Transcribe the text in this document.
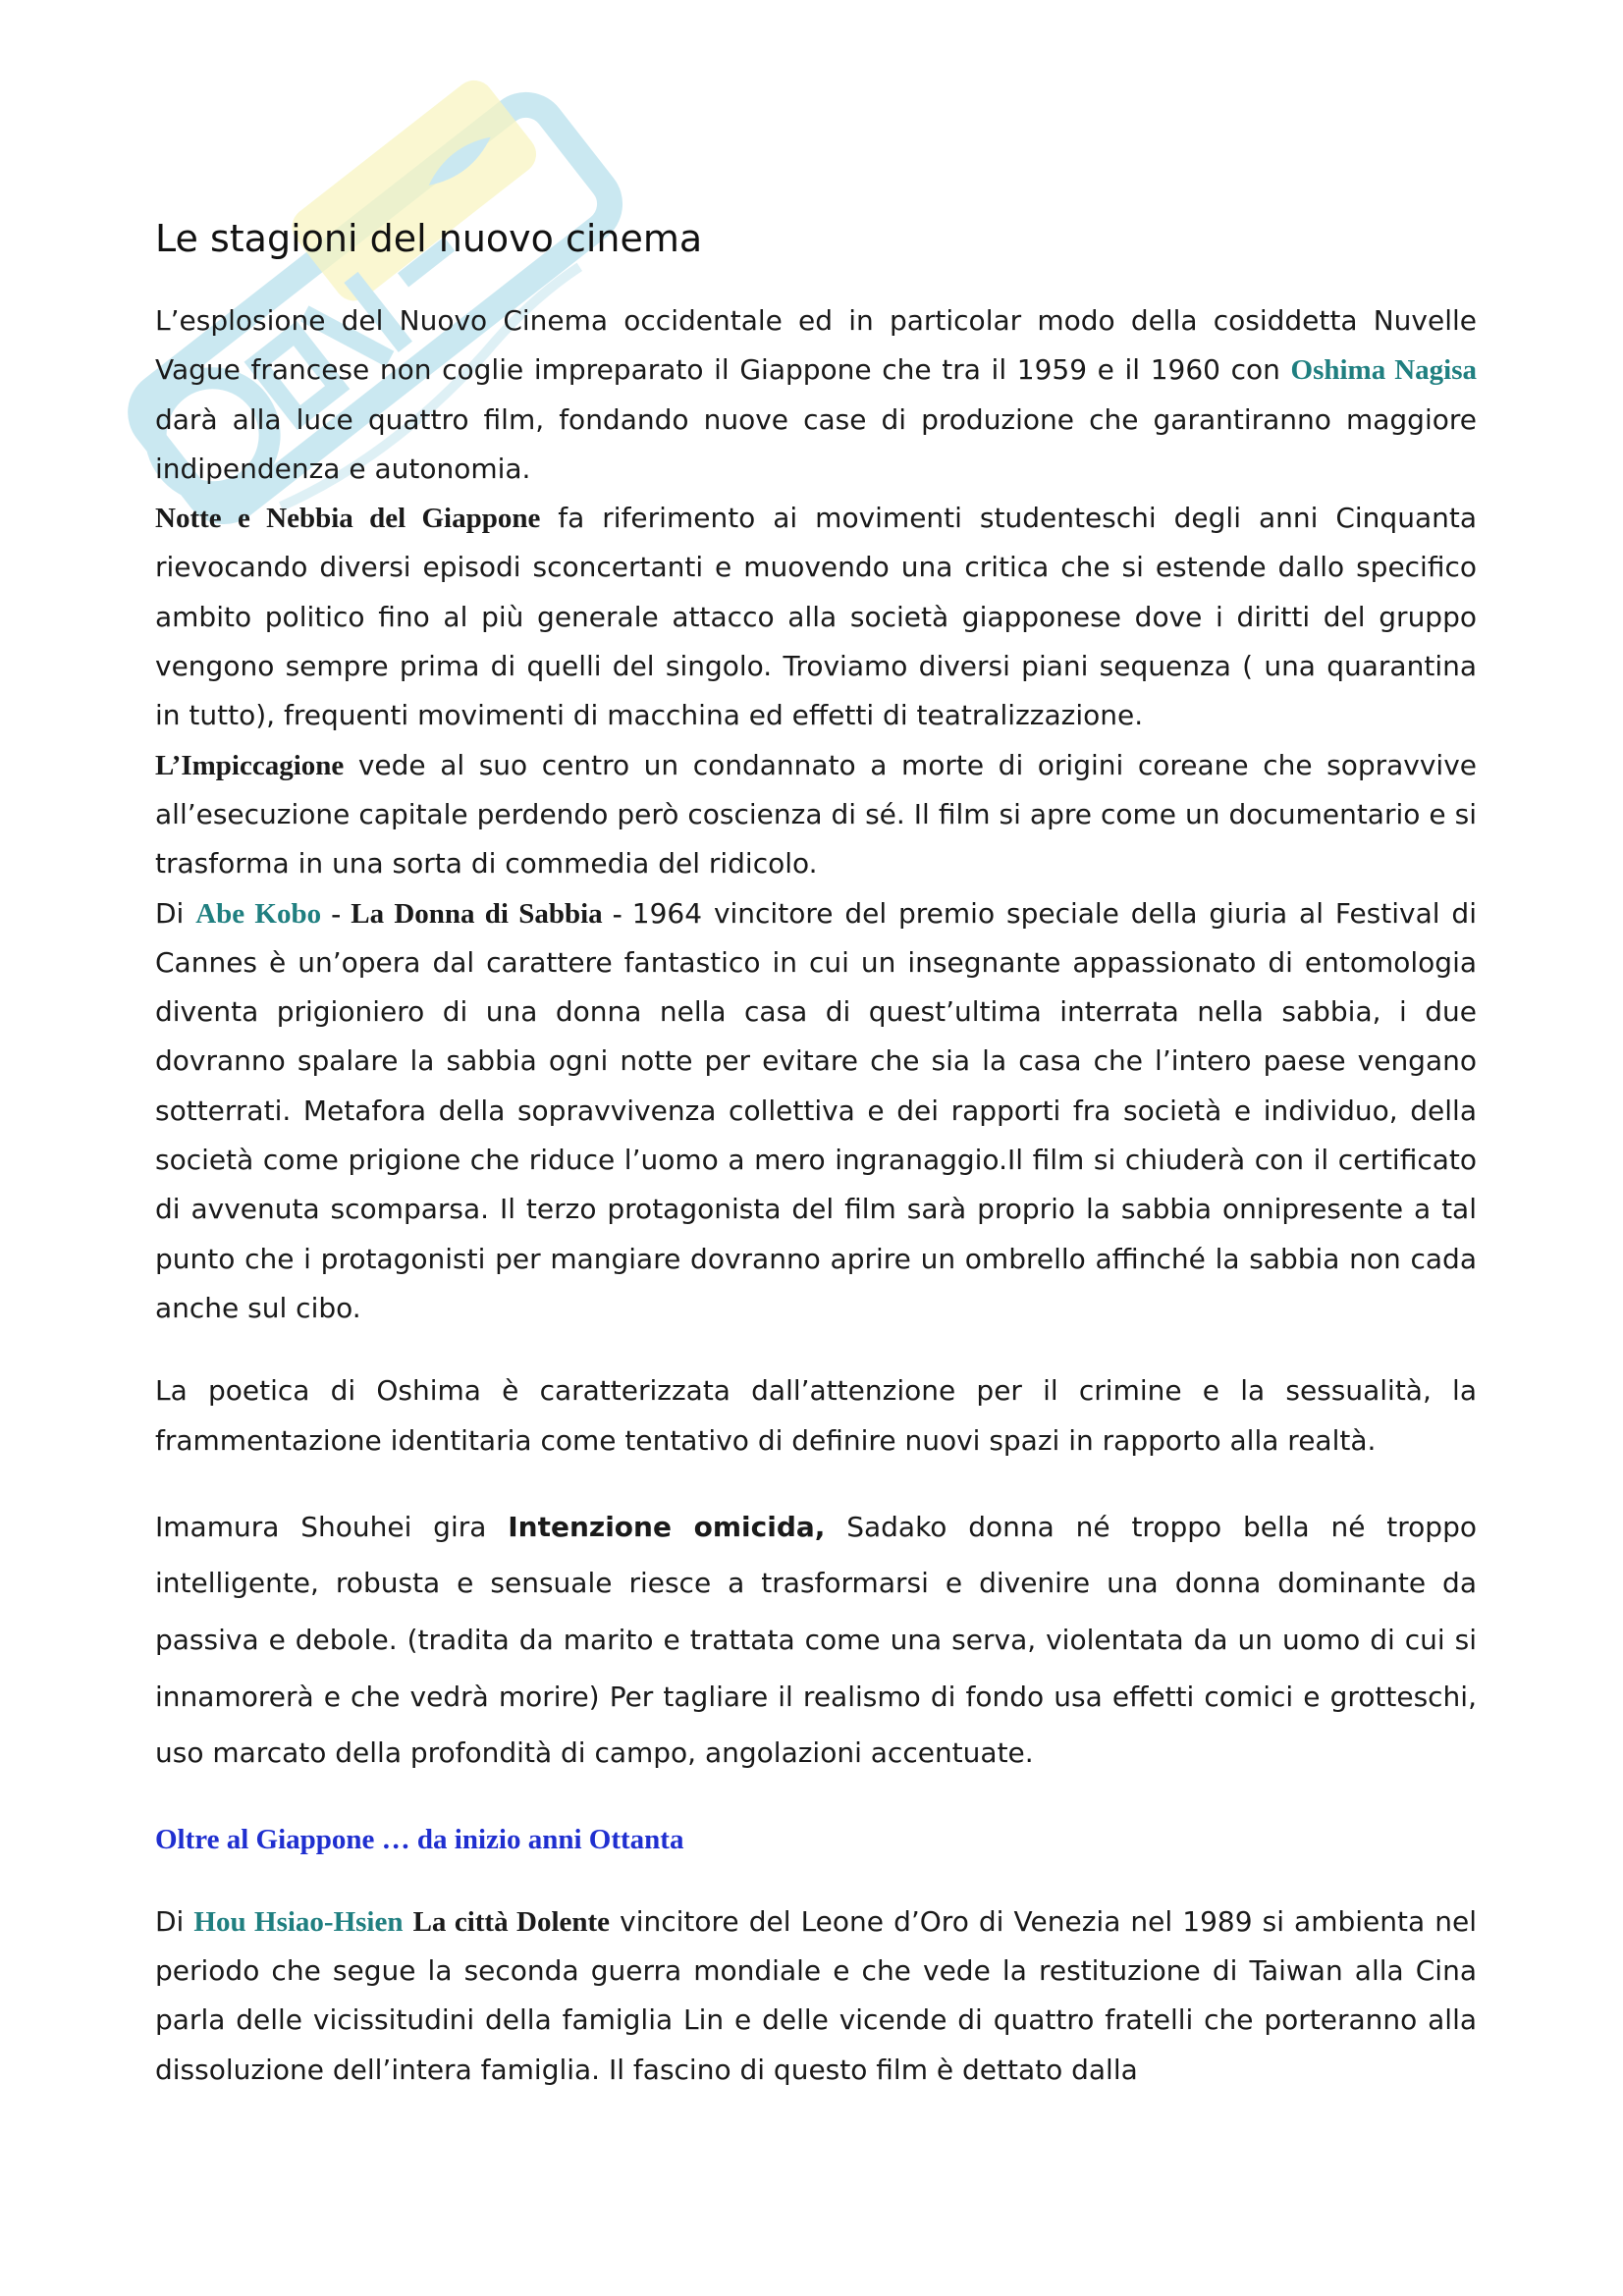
Le stagioni del nuovo cinema

L’esplosione del Nuovo Cinema occidentale ed in particolar modo della cosiddetta Nuvelle Vague francese non coglie impreparato il Giappone che tra il 1959 e il 1960 con Oshima Nagisa darà alla luce quattro film, fondando nuove case di produzione che garantiranno maggiore indipendenza e autonomia.

Notte e Nebbia del Giappone fa riferimento ai movimenti studenteschi degli anni Cinquanta rievocando diversi episodi sconcertanti e muovendo una critica che si estende dallo specifico ambito politico fino al più generale attacco alla società giapponese dove i diritti del gruppo vengono sempre prima di quelli del singolo. Troviamo diversi piani sequenza ( una quarantina in tutto), frequenti movimenti di macchina ed effetti di teatralizzazione.

L’Impiccagione vede al suo centro un condannato a morte di origini coreane che sopravvive all’esecuzione capitale perdendo però coscienza di sé. Il film si apre come un documentario e si trasforma in una sorta di commedia del ridicolo.

Di Abe Kobo - La Donna di Sabbia - 1964 vincitore del premio speciale della giuria al Festival di Cannes è un’opera dal carattere fantastico in cui un insegnante appassionato di entomologia diventa prigioniero di una donna nella casa di quest’ultima interrata nella sabbia, i due dovranno spalare la sabbia ogni notte per evitare che sia la casa che l’intero paese vengano sotterrati. Metafora della sopravvivenza collettiva e dei rapporti fra società e individuo, della società come prigione che riduce l’uomo a mero ingranaggio.Il film si chiuderà con il certificato di avvenuta scomparsa. Il terzo protagonista del film sarà proprio la sabbia onnipresente a tal punto che i protagonisti per mangiare dovranno aprire un ombrello affinché la sabbia non cada anche sul cibo.

La poetica di Oshima è caratterizzata dall’attenzione per il crimine e la sessualità, la frammentazione identitaria come tentativo di definire nuovi spazi in rapporto alla realtà.

Imamura Shouhei gira Intenzione omicida, Sadako donna né troppo bella né troppo intelligente, robusta e sensuale riesce a trasformarsi e divenire una donna dominante da passiva e debole. (tradita da marito e trattata come una serva, violentata da un uomo di cui si innamorerà e che vedrà morire) Per tagliare il realismo di fondo usa effetti comici e grotteschi, uso marcato della profondità di campo, angolazioni accentuate.

Oltre al Giappone … da inizio anni Ottanta

Di Hou Hsiao-Hsien La città Dolente vincitore del Leone d’Oro di Venezia nel 1989 si ambienta nel periodo che segue la seconda guerra mondiale e che vede la restituzione di Taiwan alla Cina parla delle vicissitudini della famiglia Lin e delle vicende di quattro fratelli che porteranno alla dissoluzione dell’intera famiglia. Il fascino di questo film è dettato dalla
